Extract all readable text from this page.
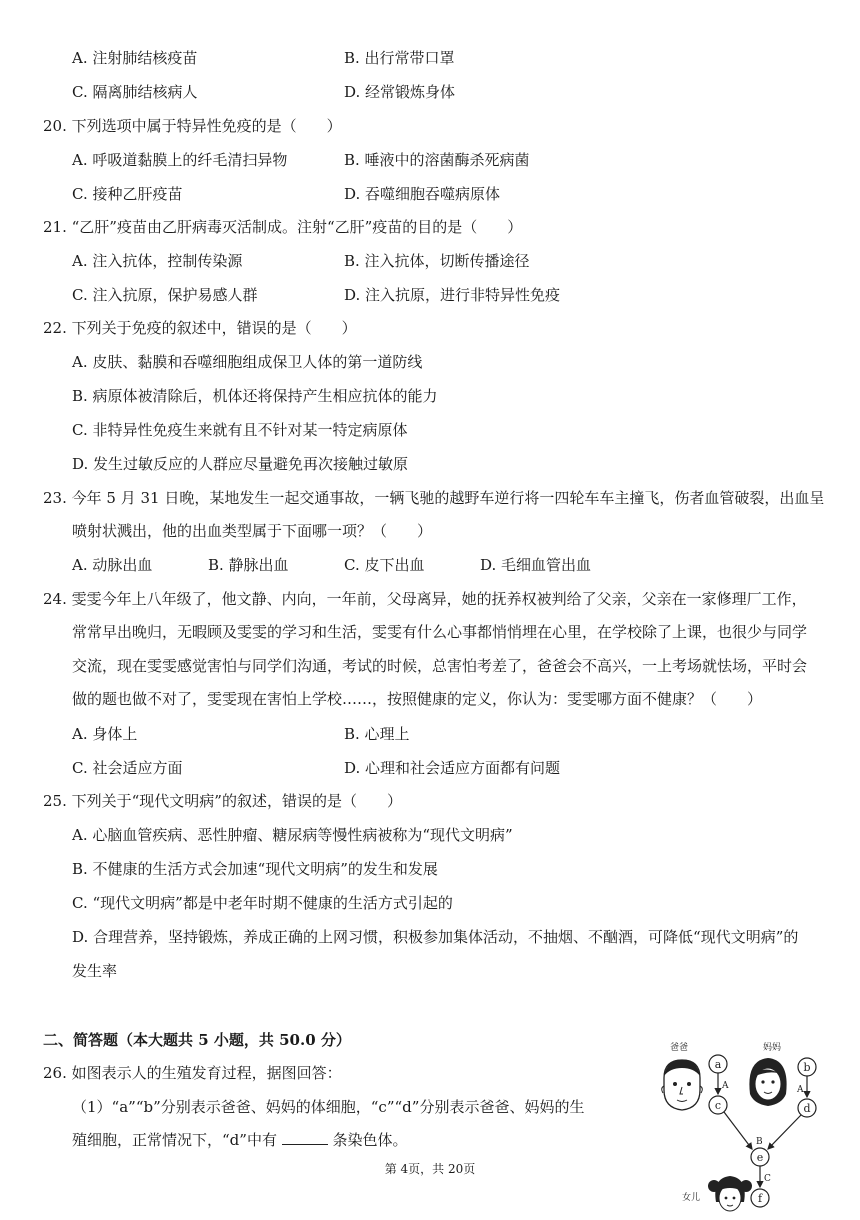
A. 注射肺结核疫苗	B. 出行常带口罩
C. 隔离肺结核病人	D. 经常锻炼身体
20. 下列选项中属于特异性免疫的是（　　）
A. 呼吸道黏膜上的纤毛清扫异物	B. 唾液中的溶菌酶杀死病菌
C. 接种乙肝疫苗	D. 吞噬细胞吞噬病原体
21. “乙肝”疫苗由乙肝病毒灭活制成。注射“乙肝”疫苗的目的是（　　）
A. 注入抗体，控制传染源	B. 注入抗体，切断传播途径
C. 注入抗原，保护易感人群	D. 注入抗原，进行非特异性免疫
22. 下列关于免疫的叙述中，错误的是（　　）
A. 皮肤、黏膜和吞噬细胞组成保卫人体的第一道防线
B. 病原体被清除后，机体还将保持产生相应抗体的能力
C. 非特异性免疫生来就有且不针对某一特定病原体
D. 发生过敏反应的人群应尽量避免再次接触过敏原
23. 今年 5 月 31 日晚，某地发生一起交通事故，一辆飞驰的越野车逆行将一四轮车车主撞飞，伤者血管破裂，出血呈
喷射状溅出，他的出血类型属于下面哪一项？（　　）
A. 动脉出血	B. 静脉出血	C. 皮下出血	D. 毛细血管出血
24. 雯雯今年上八年级了，他文静、内向，一年前，父母离异，她的抚养权被判给了父亲，父亲在一家修理厂工作，
常常早出晚归，无暇顾及雯雯的学习和生活，雯雯有什么心事都悄悄埋在心里，在学校除了上课，也很少与同学
交流，现在雯雯感觉害怕与同学们沟通，考试的时候，总害怕考差了，爸爸会不高兴，一上考场就怯场，平时会
做的题也做不对了，雯雯现在害怕上学校……，按照健康的定义，你认为：雯雯哪方面不健康？（　　）
A. 身体上	B. 心理上
C. 社会适应方面	D. 心理和社会适应方面都有问题
25. 下列关于“现代文明病”的叙述，错误的是（　　）
A. 心脑血管疾病、恶性肿瘤、糖尿病等慢性病被称为“现代文明病”
B. 不健康的生活方式会加速“现代文明病”的发生和发展
C. “现代文明病”都是中老年时期不健康的生活方式引起的
D. 合理营养，坚持锻炼，养成正确的上网习惯，积极参加集体活动，不抽烟、不酗酒，可降低“现代文明病”的
发生率
二、简答题（本大题共 5 小题，共 50.0 分）
26. 如图表示人的生殖发育过程，据图回答：
（1）“a”“b”分别表示爸爸、妈妈的体细胞，“c”“d”分别表示爸爸、妈妈的生
殖细胞，正常情况下，“d”中有	条染色体。
爸爸	妈妈
女儿
a
c
b
d
e
f
A	A
B
C
第 4页，共 20页
